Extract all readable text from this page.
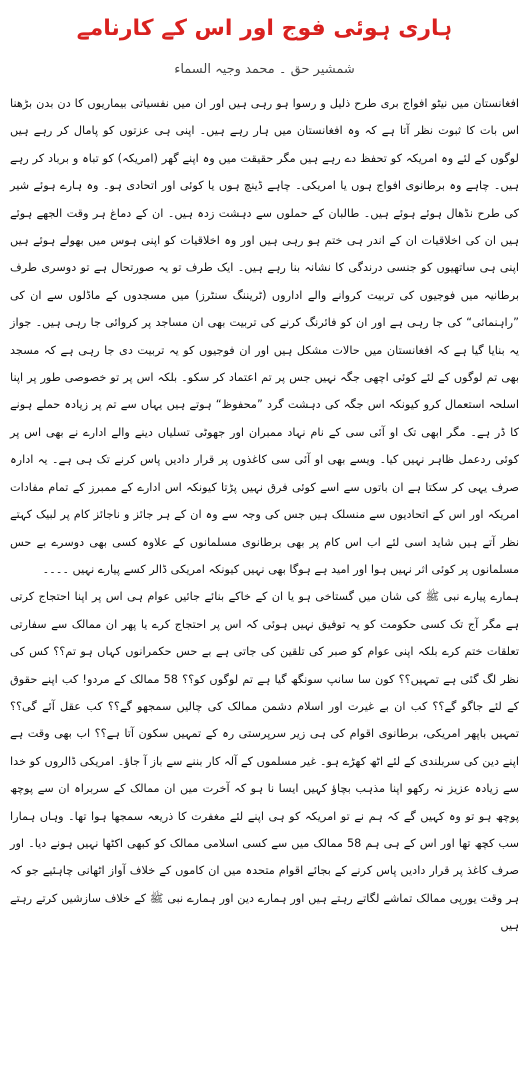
ہاری ہوئی فوج اور اس کے کارنامے
شمشیر حق ۔ محمد وجیہ السماء

افغانستان میں نیٹو افواج بری طرح ذلیل و رسوا ہو رہی ہیں اور ان میں نفسیاتی بیماریوں کا دن بدن بڑھنا اس بات کا ثبوت نظر آتا ہے کہ وہ افغانستان میں ہار رہے ہیں۔ اپنی ہی عزتوں کو پامال کر رہے ہیں لوگوں کے لئے وہ امریکہ کو تحفظ دے رہے ہیں مگر حقیقت میں وہ اپنے گھر (امریکہ) کو تباہ و برباد کر رہے ہیں۔ چاہے وہ برطانوی افواج ہوں یا امریکی۔ چاہے ڈینچ ہوں یا کوئی اور اتحادی ہو۔ وہ ہارے ہوئے شیر کی طرح نڈھال ہوئے ہوئے ہیں۔ طالبان کے حملوں سے دہشت زدہ ہیں۔ ان کے دماغ ہر وقت الجھے ہوئے ہیں ان کی اخلاقیات ان کے اندر ہی ختم ہو رہی ہیں اور وہ اخلاقیات کو اپنی ہوس میں بھولے ہوئے ہیں اپنی ہی ساتھیوں کو جنسی درندگی کا نشانہ بنا رہے ہیں۔ ایک طرف تو یہ صورتحال ہے تو دوسری طرف برطانیہ میں فوجیوں کی تربیت کروانے والے اداروں (ٹریننگ سنٹرز) میں مسجدوں کے ماڈلوں سے ان کی ”راہنمائی“ کی جا رہی ہے اور ان کو فائرنگ کرنے کی تربیت بھی ان مساجد پر کروائی جا رہی ہیں۔ جواز یہ بنایا گیا ہے کہ افغانستان میں حالات مشکل ہیں اور ان فوجیوں کو یہ تربیت دی جا رہی ہے کہ مسجد بھی تم لوگوں کے لئے کوئی اچھی جگہ نہیں جس پر تم اعتماد کر سکو۔ بلکہ اس پر تو خصوصی طور پر اپنا اسلحہ استعمال کرو کیونکہ اس جگہ کی دہشت گرد ”محفوظ“ ہوتے ہیں یہاں سے تم پر زیادہ حملے ہونے کا ڈر ہے۔ مگر ابھی تک او آئی سی کے نام نہاد ممبران اور جھوٹی تسلیاں دینے والے ادارے نے بھی اس پر کوئی ردعمل ظاہر نہیں کیا۔ ویسے بھی او آئی سی کاغذوں پر قرار دادیں پاس کرنے تک ہی ہے۔ یہ ادارہ صرف یہی کر سکتا ہے ان باتوں سے اسے کوئی فرق نہیں پڑتا کیونکہ اس ادارے کے ممبرز کے تمام مفادات امریکہ اور اس کے اتحادیوں سے منسلک ہیں جس کی وجہ سے وہ ان کے ہر جائز و ناجائز کام پر لبیک کہتے نظر آتے ہیں شاید اسی لئے اب اس کام پر بھی برطانوی مسلمانوں کے علاوہ کسی بھی دوسرے بے حس مسلمانوں پر کوئی اثر نہیں ہوا اور امید ہے ہوگا بھی نہیں کیونکہ امریکی ڈالر کسے پیارے نہیں ۔۔۔۔

ہمارے پیارے نبی ﷺ کی شان میں گستاخی ہو یا ان کے خاکے بنائے جائیں عوام ہی اس پر اپنا احتجاج کرتی ہے مگر آج تک کسی حکومت کو یہ توفیق نہیں ہوئی کہ اس پر احتجاج کرے یا پھر ان ممالک سے سفارتی تعلقات ختم کرے بلکہ اپنی عوام کو صبر کی تلقین کی جاتی ہے بے حس حکمرانوں کہاں ہو تم؟؟ کس کی نظر لگ گئی ہے تمہیں؟؟ کون سا سانپ سونگھ گیا ہے تم لوگوں کو؟؟ 58 ممالک کے مردو! کب اپنے حقوق کے لئے جاگو گے؟؟ کب ان بے غیرت اور اسلام دشمن ممالک کی چالیں سمجھو گے؟؟ کب عقل آئے گی؟؟ تمہیں باپھر امریکی، برطانوی اقوام کی ہی زیر سرپرستی رہ کے تمہیں سکون آتا ہے؟؟ اب بھی وقت ہے اپنے دین کی سربلندی کے لئے اٹھ کھڑے ہو۔ غیر مسلموں کے آلہ کار بننے سے باز آ جاؤ۔ امریکی ڈالروں کو خدا سے زیادہ عزیز نہ رکھو اپنا مذہب بچاؤ کہیں ایسا نا ہو کہ آخرت میں ان ممالک کے سربراہ ان سے پوچھ پوچھ ہو تو وہ کہیں گے کہ ہم نے تو امریکہ کو ہی اپنے لئے مغفرت کا ذریعہ سمجھا ہوا تھا۔ وہاں ہمارا سب کچھ تھا اور اس کے ہی ہم 58 ممالک میں سے کسی اسلامی ممالک کو کبھی اکٹھا نہیں ہونے دیا۔ اور صرف کاغذ پر قرار دادیں پاس کرنے کے بجائے اقوام متحدہ میں ان کاموں کے خلاف آواز اٹھانی چاہئیے جو کہ ہر وقت یورپی ممالک تماشے لگاتے رہتے ہیں اور ہمارے دین اور ہمارے نبی ﷺ کے خلاف سازشیں کرتے رہتے ہیں
